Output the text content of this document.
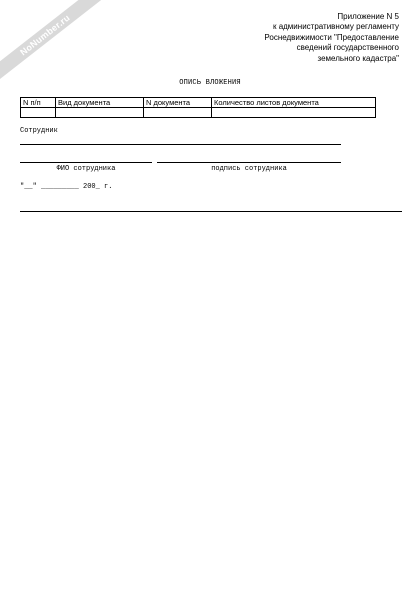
NoNumber.ru	Приложение N 5
к административному регламенту
Роснедвижимости "Предоставление
сведений государственного
земельного кадастра"
ОПИСЬ ВЛОЖЕНИЯ
N п/п	Вид документа	N документа	Количество листов документа

Сотрудник
ФИО сотрудника	подпись сотрудника
"__" _________ 200_ г.
